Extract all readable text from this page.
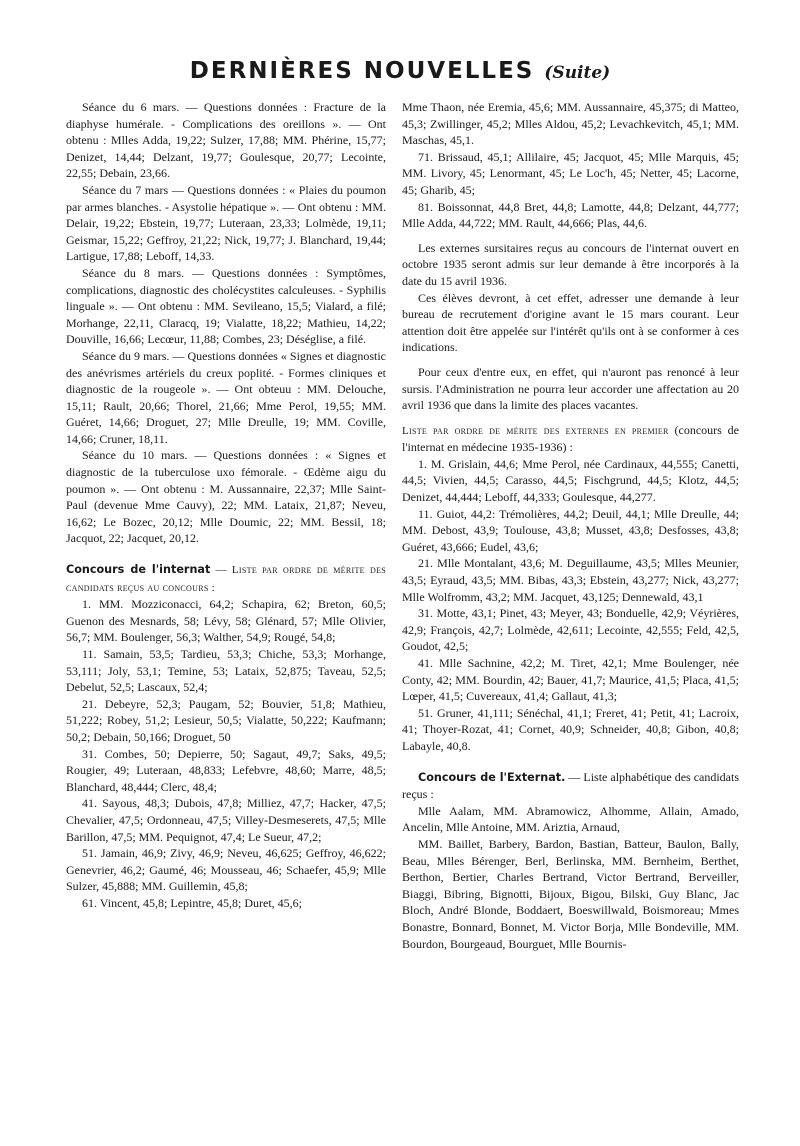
DERNIÈRES NOUVELLES (Suite)

Séance du 6 mars. — Questions données : Fracture de la diaphyse humérale. - Complications des oreillons ». — Ont obtenu : Mlles Adda, 19,22; Sulzer, 17,88; MM. Phérine, 15,77; Denizet, 14,44; Delzant, 19,77; Goulesque, 20,77; Lecointe, 22,55; Debain, 23,66.

Séance du 7 mars — Questions données : « Plaies du poumon par armes blanches. - Asystolie hépatique ». — Ont obtenu : MM. Delair, 19,22; Ebstein, 19,77; Luteraan, 23,33; Lolmède, 19,11; Geismar, 15,22; Geffroy, 21,22; Nick, 19,77; J. Blanchard, 19,44; Lartigue, 17,88; Leboff, 14,33.

Séance du 8 mars. — Questions données : Symptômes, complications, diagnostic des cholécystites calculeuses. - Syphilis linguale ». — Ont obtenu : MM. Sevileano, 15,5; Vialard, a filé; Morhange, 22,11, Claracq, 19; Vialatte, 18,22; Mathieu, 14,22; Douville, 16,66; Lecœur, 11,88; Combes, 23; Déséglise, a filé.

Séance du 9 mars. — Questions données « Signes et diagnostic des anévrismes artériels du creux poplité. - Formes cliniques et diagnostic de la rougeole ». — Ont obteuu : MM. Delouche, 15,11; Rault, 20,66; Thorel, 21,66; Mme Perol, 19,55; MM. Guéret, 14,66; Droguet, 27; Mlle Dreulle, 19; MM. Coville, 14,66; Cruner, 18,11.

Séance du 10 mars. — Questions données : « Signes et diagnostic de la tuberculose uxo fémorale. - Œdème aigu du poumon ». — Ont obtenu : M. Aussannaire, 22,37; Mlle Saint-Paul (devenue Mme Cauvy), 22; MM. Lataix, 21,87; Neveu, 16,62; Le Bozec, 20,12; Mlle Doumic, 22; MM. Bessil, 18; Jacquot, 22; Jacquet, 20,12.

Concours de l'internat — Liste par ordre de mérite des candidats reçus au concours :

1. MM. Mozziconacci, 64,2; Schapira, 62; Breton, 60,5; Guenon des Mesnards, 58; Lévy, 58; Glénard, 57; Mlle Olivier, 56,7; MM. Boulenger, 56,3; Walther, 54,9; Rougé, 54,8;

11. Samain, 53,5; Tardieu, 53,3; Chiche, 53,3; Morhange, 53,111; Joly, 53,1; Temine, 53; Lataix, 52,875; Taveau, 52,5; Debelut, 52,5; Lascaux, 52,4;

21. Debeyre, 52,3; Paugam, 52; Bouvier, 51,8; Mathieu, 51,222; Robey, 51,2; Lesieur, 50,5; Vialatte, 50,222; Kaufmann; 50,2; Debain, 50,166; Droguet, 50

31. Combes, 50; Depierre, 50; Sagaut, 49,7; Saks, 49,5; Rougier, 49; Luteraan, 48,833; Lefebvre, 48,60; Marre, 48,5; Blanchard, 48,444; Clerc, 48,4;

41. Sayous, 48,3; Dubois, 47,8; Milliez, 47,7; Hacker, 47,5; Chevalier, 47,5; Ordonneau, 47,5; Villey-Desmeserets, 47,5; Mlle Barillon, 47,5; MM. Pequignot, 47,4; Le Sueur, 47,2;

51. Jamain, 46,9; Zivy, 46,9; Neveu, 46,625; Geffroy, 46,622; Genevrier, 46,2; Gaumé, 46; Mousseau, 46; Schaefer, 45,9; Mlle Sulzer, 45,888; MM. Guillemin, 45,8;

61. Vincent, 45,8; Lepintre, 45,8; Duret, 45,6;

Mme Thaon, née Eremia, 45,6; MM. Aussannaire, 45,375; di Matteo, 45,3; Zwillinger, 45,2; Mlles Aldou, 45,2; Levachkevitch, 45,1; MM. Maschas, 45,1.

71. Brissaud, 45,1; Allilaire, 45; Jacquot, 45; Mlle Marquis, 45; MM. Livory, 45; Lenormant, 45; Le Loc'h, 45; Netter, 45; Lacorne, 45; Gharib, 45;

81. Boissonnat, 44,8 Bret, 44,8; Lamotte, 44,8; Delzant, 44,777; Mlle Adda, 44,722; MM. Rault, 44,666; Plas, 44,6.

Les externes sursitaires reçus au concours de l'internat ouvert en octobre 1935 seront admis sur leur demande à être incorporés à la date du 15 avril 1936.

Ces élèves devront, à cet effet, adresser une demande à leur bureau de recrutement d'origine avant le 15 mars courant. Leur attention doit être appelée sur l'intérêt qu'ils ont à se conformer à ces indications.

Pour ceux d'entre eux, en effet, qui n'auront pas renoncé à leur sursis. l'Administration ne pourra leur accorder une affectation au 20 avril 1936 que dans la limite des places vacantes.

Liste par ordre de mérite des externes en premier (concours de l'internat en médecine 1935-1936) :

1. M. Grislain, 44,6; Mme Perol, née Cardinaux, 44,555; Canetti, 44,5; Vivien, 44,5; Carasso, 44,5; Fischgrund, 44,5; Klotz, 44,5; Denizet, 44,444; Leboff, 44,333; Goulesque, 44,277.

11. Guiot, 44,2: Trémolières, 44,2; Deuil, 44,1; Mlle Dreulle, 44; MM. Debost, 43,9; Toulouse, 43,8; Musset, 43,8; Desfosses, 43,8; Guéret, 43,666; Eudel, 43,6;

21. Mlle Montalant, 43,6; M. Deguillaume, 43,5; Mlles Meunier, 43,5; Eyraud, 43,5; MM. Bibas, 43,3; Ebstein, 43,277; Nick, 43,277; Mlle Wolfromm, 43,2; MM. Jacquet, 43,125; Dennewald, 43,1

31. Motte, 43,1; Pinet, 43; Meyer, 43; Bonduelle, 42,9; Véyrières, 42,9; François, 42,7; Lolmède, 42,611; Lecointe, 42,555; Feld, 42,5, Goudot, 42,5;

41. Mlle Sachnine, 42,2; M. Tiret, 42,1; Mme Boulenger, née Conty, 42; MM. Bourdin, 42; Bauer, 41,7; Maurice, 41,5; Placa, 41,5; Lœper, 41,5; Cuvereaux, 41,4; Gallaut, 41,3;

51. Gruner, 41,111; Sénéchal, 41,1; Freret, 41; Petit, 41; Lacroix, 41; Thoyer-Rozat, 41; Cornet, 40,9; Schneider, 40,8; Gibon, 40,8; Labayle, 40,8.

Concours de l'Externat. — Liste alphabétique des candidats reçus :

Mlle Aalam, MM. Abramowicz, Alhomme, Allain, Amado, Ancelin, Mlle Antoine, MM. Ariztia, Arnaud,

MM. Baillet, Barbery, Bardon, Bastian, Batteur, Baulon, Bally, Beau, Mlles Bérenger, Berl, Berlinska, MM. Bernheim, Berthet, Berthon, Bertier, Charles Bertrand, Victor Bertrand, Berveiller, Biaggi, Bibring, Bignotti, Bijoux, Bigou, Bilski, Guy Blanc, Jac Bloch, André Blonde, Boddaert, Boeswillwald, Boismoreau; Mmes Bonastre, Bonnard, Bonnet, M. Victor Borja, Mlle Bondeville, MM. Bourdon, Bourgeaud, Bourguet, Mlle Bournis-
